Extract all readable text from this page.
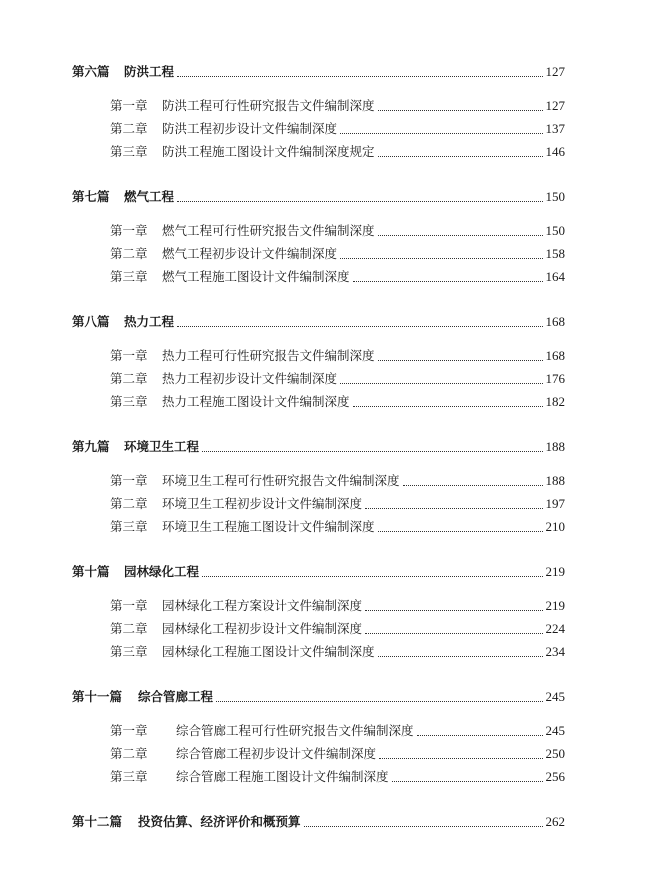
第六篇	防洪工程	127
第一章	防洪工程可行性研究报告文件编制深度	127
第二章	防洪工程初步设计文件编制深度	137
第三章	防洪工程施工图设计文件编制深度规定	146
第七篇	燃气工程	150
第一章	燃气工程可行性研究报告文件编制深度	150
第二章	燃气工程初步设计文件编制深度	158
第三章	燃气工程施工图设计文件编制深度	164
第八篇	热力工程	168
第一章	热力工程可行性研究报告文件编制深度	168
第二章	热力工程初步设计文件编制深度	176
第三章	热力工程施工图设计文件编制深度	182
第九篇	环境卫生工程	188
第一章	环境卫生工程可行性研究报告文件编制深度	188
第二章	环境卫生工程初步设计文件编制深度	197
第三章	环境卫生工程施工图设计文件编制深度	210
第十篇	园林绿化工程	219
第一章	园林绿化工程方案设计文件编制深度	219
第二章	园林绿化工程初步设计文件编制深度	224
第三章	园林绿化工程施工图设计文件编制深度	234
第十一篇	综合管廊工程	245
第一章	综合管廊工程可行性研究报告文件编制深度	245
第二章	综合管廊工程初步设计文件编制深度	250
第三章	综合管廊工程施工图设计文件编制深度	256
第十二篇	投资估算、经济评价和概预算	262
